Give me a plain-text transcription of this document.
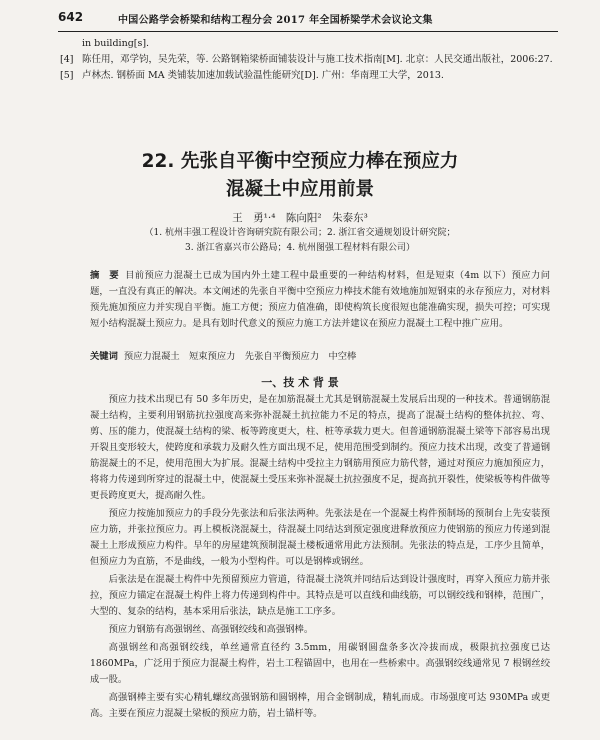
642	中国公路学会桥梁和结构工程分会 2017 年全国桥梁学术会议论文集
in building[s].
[4] 陈任用，邓学钧，吴先荣，等. 公路钢箱梁桥面铺装设计与施工技术指南[M]. 北京：人民交通出版社，2006:27.
[5] 卢林杰. 钢桥面 MA 类铺装加速加载试验温性能研究[D]. 广州：华南理工大学，2013.
22. 先张自平衡中空预应力棒在预应力
混凝土中应用前景
王　勇¹·⁴　陈向阳²　朱泰东³
（1. 杭州丰强工程设计咨询研究院有限公司；2. 浙江省交通规划设计研究院；
3. 浙江省嘉兴市公路局；4. 杭州图强工程材料有限公司）
摘　要 目前预应力混凝土已成为国内外土建工程中最重要的一种结构材料，但是短束（4m 以下）预应力问题，一直没有真正的解决。本文阐述的先张自平衡中空预应力棒技术能有效地施加短钢束的永存预应力，对材料预先施加预应力并实现自平衡。施工方便；预应力值准确，即使构筑长度很短也能准确实现，损失可控；可实现短小结构混凝土预应力。是具有划时代意义的预应力施工方法并建议在预应力混凝土工程中推广应用。
关键词 预应力混凝土　短束预应力　先张自平衡预应力　中空棒
一、技 术 背 景

预应力技术出现已有 50 多年历史，是在加筋混凝土尤其是钢筋混凝土发展后出现的一种技术。普通钢筋混凝土结构，主要利用钢筋抗拉强度高来弥补混凝土抗拉能力不足的特点，提高了混凝土结构的整体抗拉、弯、剪、压的能力，使混凝土结构的梁、板等跨度更大，柱、桩等承载力更大。但普通钢筋混凝土梁等下部容易出现开裂且变形较大，使跨度和承载力及耐久性方面出现不足，使用范围受到制约。预应力技术出现，改变了普通钢筋混凝土的不足，使用范围大为扩展。混凝土结构中受拉主力钢筋用预应力筋代替，通过对预应力施加预应力，将将力传递到所穿过的混凝土中，使混凝土受压来弥补混凝土抗拉强度不足，提高抗开裂性，使梁板等构件做等更長跨度更大，提高耐久性。

预应力按施加预应力的手段分先张法和后张法两种。先张法是在一个混凝土构件预制场的预制台上先安装预应力筋，并张拉预应力。再上模板浇混凝土，待混凝土同结达到预定强度进释放预应力使钢筋的预应力传递到混凝土上形成预应力构件。早年的房屋建筑预制混凝土楼板通常用此方法预制。先张法的特点是，工序少且简单，但预应力为直筋，不是曲线，一般为小型构件。可以是钢棒或钢丝。

后张法是在混凝土构件中先预留预应力管道，待混凝土浇筑并同结后达到设计强度时，再穿入预应力筋并张拉，预应力锚定在混凝土构件上将力传递到构件中。其特点是可以直线和曲线筋，可以钢绞线和钢棒，范围广，大型的、复杂的结构，基本采用后张法，缺点是施工工序多。

预应力钢筋有高强钢丝、高强钢绞线和高强钢棒。

高强钢丝和高强钢绞线，单丝通常直径约 3.5mm，用碳钢圆盘条多次冷拔而成，极限抗拉强度已达 1860MPa，广泛用于预应力混凝土构件，岩土工程锚固中，也用在一些桥索中。高强钢绞线通常见 7 根钢丝绞成一股。

高强钢棒主要有实心精轧螺纹高强钢筋和圆钢棒，用合金钢制成，精轧而成。市场强度可达 930MPa 或更高。主要在预应力混凝土梁板的预应力筋，岩土锚杆等。
